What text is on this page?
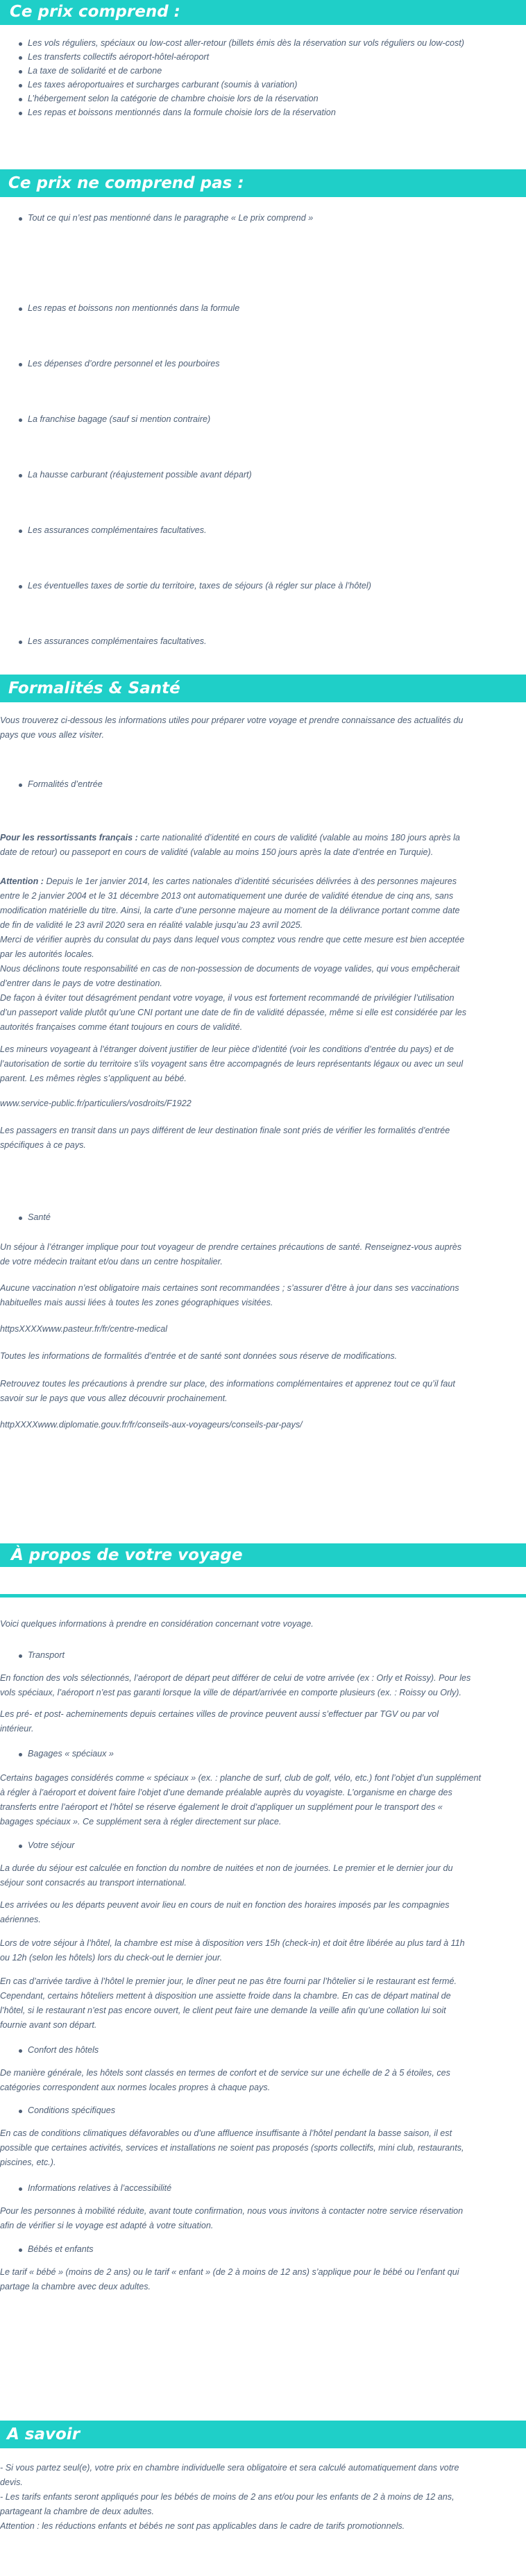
Ce prix comprend :

Les vols réguliers, spéciaux ou low-cost aller-retour (billets émis dès la réservation sur vols réguliers ou low-cost)

Les transferts collectifs aéroport-hôtel-aéroport

La taxe de solidarité et de carbone

Les taxes aéroportuaires et surcharges carburant (soumis à variation)

L’hébergement selon la catégorie de chambre choisie lors de la réservation

Les repas et boissons mentionnés dans la formule choisie lors de la réservation

Ce prix ne comprend pas :

Tout ce qui n’est pas mentionné dans le paragraphe « Le prix comprend »

Les repas et boissons non mentionnés dans la formule

Les dépenses d’ordre personnel et les pourboires

La franchise bagage (sauf si mention contraire)

La hausse carburant (réajustement possible avant départ)

Les assurances complémentaires facultatives.

Les éventuelles taxes de sortie du territoire, taxes de séjours (à régler sur place à l’hôtel)

Les assurances complémentaires facultatives.

Formalités & Santé
Vous trouverez ci-dessous les informations utiles pour préparer votre voyage et prendre connaissance des actualités du
pays que vous allez visiter.

Formalités d’entrée

Pour les ressortissants français : carte nationalité d’identité en cours de validité (valable au moins 180 jours après la
date de retour) ou passeport en cours de validité (valable au moins 150 jours après la date d’entrée en Turquie).
Attention : Depuis le 1er janvier 2014, les cartes nationales d’identité sécurisées délivrées à des personnes majeures
entre le 2 janvier 2004 et le 31 décembre 2013 ont automatiquement une durée de validité étendue de cinq ans, sans
modification matérielle du titre. Ainsi, la carte d’une personne majeure au moment de la délivrance portant comme date
de fin de validité le 23 avril 2020 sera en réalité valable jusqu’au 23 avril 2025.
Merci de vérifier auprès du consulat du pays dans lequel vous comptez vous rendre que cette mesure est bien acceptée
par les autorités locales.
Nous déclinons toute responsabilité en cas de non-possession de documents de voyage valides, qui vous empêcherait
d’entrer dans le pays de votre destination.
De façon à éviter tout désagrément pendant votre voyage, il vous est fortement recommandé de privilégier l’utilisation
d’un passeport valide plutôt qu’une CNI portant une date de fin de validité dépassée, même si elle est considérée par les
autorités françaises comme étant toujours en cours de validité.
Les mineurs voyageant à l’étranger doivent justifier de leur pièce d’identité (voir les conditions d’entrée du pays) et de
l’autorisation de sortie du territoire s’ils voyagent sans être accompagnés de leurs représentants légaux ou avec un seul
parent. Les mêmes règles s’appliquent au bébé.

www.service-public.fr/particuliers/vosdroits/F1922

Les passagers en transit dans un pays différent de leur destination finale sont priés de vérifier les formalités d’entrée
spécifiques à ce pays.

Santé

Un séjour à l’étranger implique pour tout voyageur de prendre certaines précautions de santé. Renseignez-vous auprès
de votre médecin traitant et/ou dans un centre hospitalier.
Aucune vaccination n’est obligatoire mais certaines sont recommandées ; s’assurer d’être à jour dans ses vaccinations
habituelles mais aussi liées à toutes les zones géographiques visitées.

httpsXXXXwww.pasteur.fr/fr/centre-medical

Toutes les informations de formalités d’entrée et de santé sont données sous réserve de modifications.

Retrouvez toutes les précautions à prendre sur place, des informations complémentaires et apprenez tout ce qu’il faut
savoir sur le pays que vous allez découvrir prochainement.

httpXXXXwww.diplomatie.gouv.fr/fr/conseils-aux-voyageurs/conseils-par-pays/

À propos de votre voyage

Voici quelques informations à prendre en considération concernant votre voyage.

Transport

En fonction des vols sélectionnés, l’aéroport de départ peut différer de celui de votre arrivée (ex : Orly et Roissy). Pour les
vols spéciaux, l’aéroport n’est pas garanti lorsque la ville de départ/arrivée en comporte plusieurs (ex. : Roissy ou Orly).
Les pré- et post- acheminements depuis certaines villes de province peuvent aussi s’effectuer par TGV ou par vol
intérieur.

Bagages « spéciaux »

Certains bagages considérés comme « spéciaux » (ex. : planche de surf, club de golf, vélo, etc.) font l’objet d’un supplément
à régler à l’aéroport et doivent faire l’objet d’une demande préalable auprès du voyagiste. L’organisme en charge des
transferts entre l’aéroport et l’hôtel se réserve également le droit d’appliquer un supplément pour le transport des «
bagages spéciaux ». Ce supplément sera à régler directement sur place.

Votre séjour

La durée du séjour est calculée en fonction du nombre de nuitées et non de journées. Le premier et le dernier jour du
séjour sont consacrés au transport international.
Les arrivées ou les départs peuvent avoir lieu en cours de nuit en fonction des horaires imposés par les compagnies
aériennes.
Lors de votre séjour à l’hôtel, la chambre est mise à disposition vers 15h (check-in) et doit être libérée au plus tard à 11h
ou 12h (selon les hôtels) lors du check-out le dernier jour.
En cas d’arrivée tardive à l’hôtel le premier jour, le dîner peut ne pas être fourni par l’hôtelier si le restaurant est fermé.
Cependant, certains hôteliers mettent à disposition une assiette froide dans la chambre. En cas de départ matinal de
l’hôtel, si le restaurant n’est pas encore ouvert, le client peut faire une demande la veille afin qu’une collation lui soit
fournie avant son départ.

Confort des hôtels

De manière générale, les hôtels sont classés en termes de confort et de service sur une échelle de 2 à 5 étoiles, ces
catégories correspondent aux normes locales propres à chaque pays.

Conditions spécifiques

En cas de conditions climatiques défavorables ou d’une affluence insuffisante à l’hôtel pendant la basse saison, il est
possible que certaines activités, services et installations ne soient pas proposés (sports collectifs, mini club, restaurants,
piscines, etc.).

Informations relatives à l’accessibilité

Pour les personnes à mobilité réduite, avant toute confirmation, nous vous invitons à contacter notre service réservation
afin de vérifier si le voyage est adapté à votre situation.

Bébés et enfants

Le tarif « bébé » (moins de 2 ans) ou le tarif « enfant » (de 2 à moins de 12 ans) s’applique pour le bébé ou l’enfant qui
partage la chambre avec deux adultes.
A savoir
- Si vous partez seul(e), votre prix en chambre individuelle sera obligatoire et sera calculé automatiquement dans votre
devis.
- Les tarifs enfants seront appliqués pour les bébés de moins de 2 ans et/ou pour les enfants de 2 à moins de 12 ans,
partageant la chambre de deux adultes.
Attention : les réductions enfants et bébés ne sont pas applicables dans le cadre de tarifs promotionnels.
